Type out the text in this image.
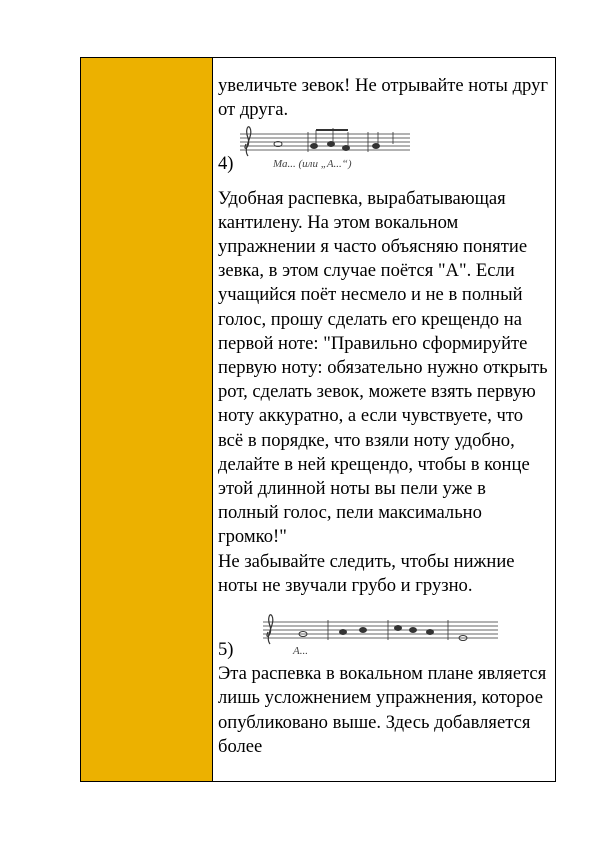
увеличьте зевок! Не отрывайте ноты друг от друга.

Ма... (или „А...“)

4)

Удобная распевка, вырабатывающая кантилену. На этом вокальном упражнении я часто объясняю понятие зевка, в этом случае поётся "А". Если учащийся поёт несмело и не в полный голос, прошу сделать его крещендо на первой ноте: "Правильно сформируйте первую ноту: обязательно нужно открыть рот, сделать зевок, можете взять первую ноту аккуратно, а если чувствуете, что всё в порядке, что взяли ноту удобно, делайте в ней крещендо, чтобы в конце этой длинной ноты вы пели уже в полный голос, пели максимально громко!"

Не забывайте следить, чтобы нижние ноты не звучали грубо и грузно.

А...

5)

Эта распевка в вокальном плане является лишь усложнением упражнения, которое опубликовано выше. Здесь добавляется более
